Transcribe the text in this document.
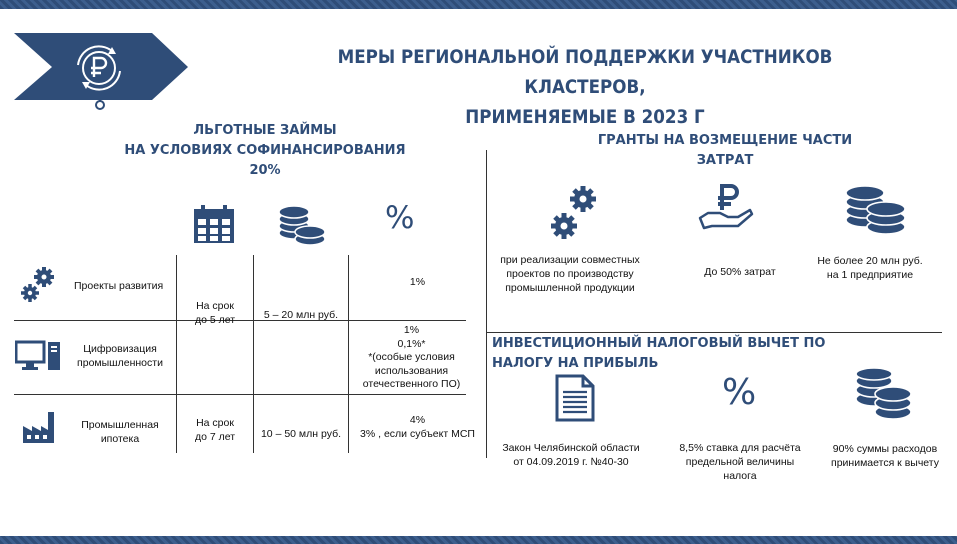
МЕРЫ РЕГИОНАЛЬНОЙ ПОДДЕРЖКИ УЧАСТНИКОВ КЛАСТЕРОВ,
ПРИМЕНЯЕМЫЕ В 2023 Г
ЛЬГОТНЫЕ ЗАЙМЫ
НА УСЛОВИЯХ СОФИНАНСИРОВАНИЯ 20%
%
Проекты развития
Цифровизация
промышленности
Промышленная
ипотека
На срок
до 5 лет
На срок
до 7 лет
5 – 20 млн руб.
10 – 50 млн руб.
1%
1%
0,1%*
*(особые условия
использования
отечественного ПО)
4%
3% , если субъект МСП
ГРАНТЫ НА ВОЗМЕЩЕНИЕ ЧАСТИ ЗАТРАТ
при реализации совместных
проектов по производству
промышленной продукции
До 50% затрат
Не более 20 млн руб.
на 1 предприятие
ИНВЕСТИЦИОННЫЙ НАЛОГОВЫЙ ВЫЧЕТ ПО НАЛОГУ НА ПРИБЫЛЬ
%
Закон Челябинской области
от 04.09.2019 г. №40-30
8,5% ставка для расчёта
предельной величины
налога
90% суммы расходов
принимается к вычету
